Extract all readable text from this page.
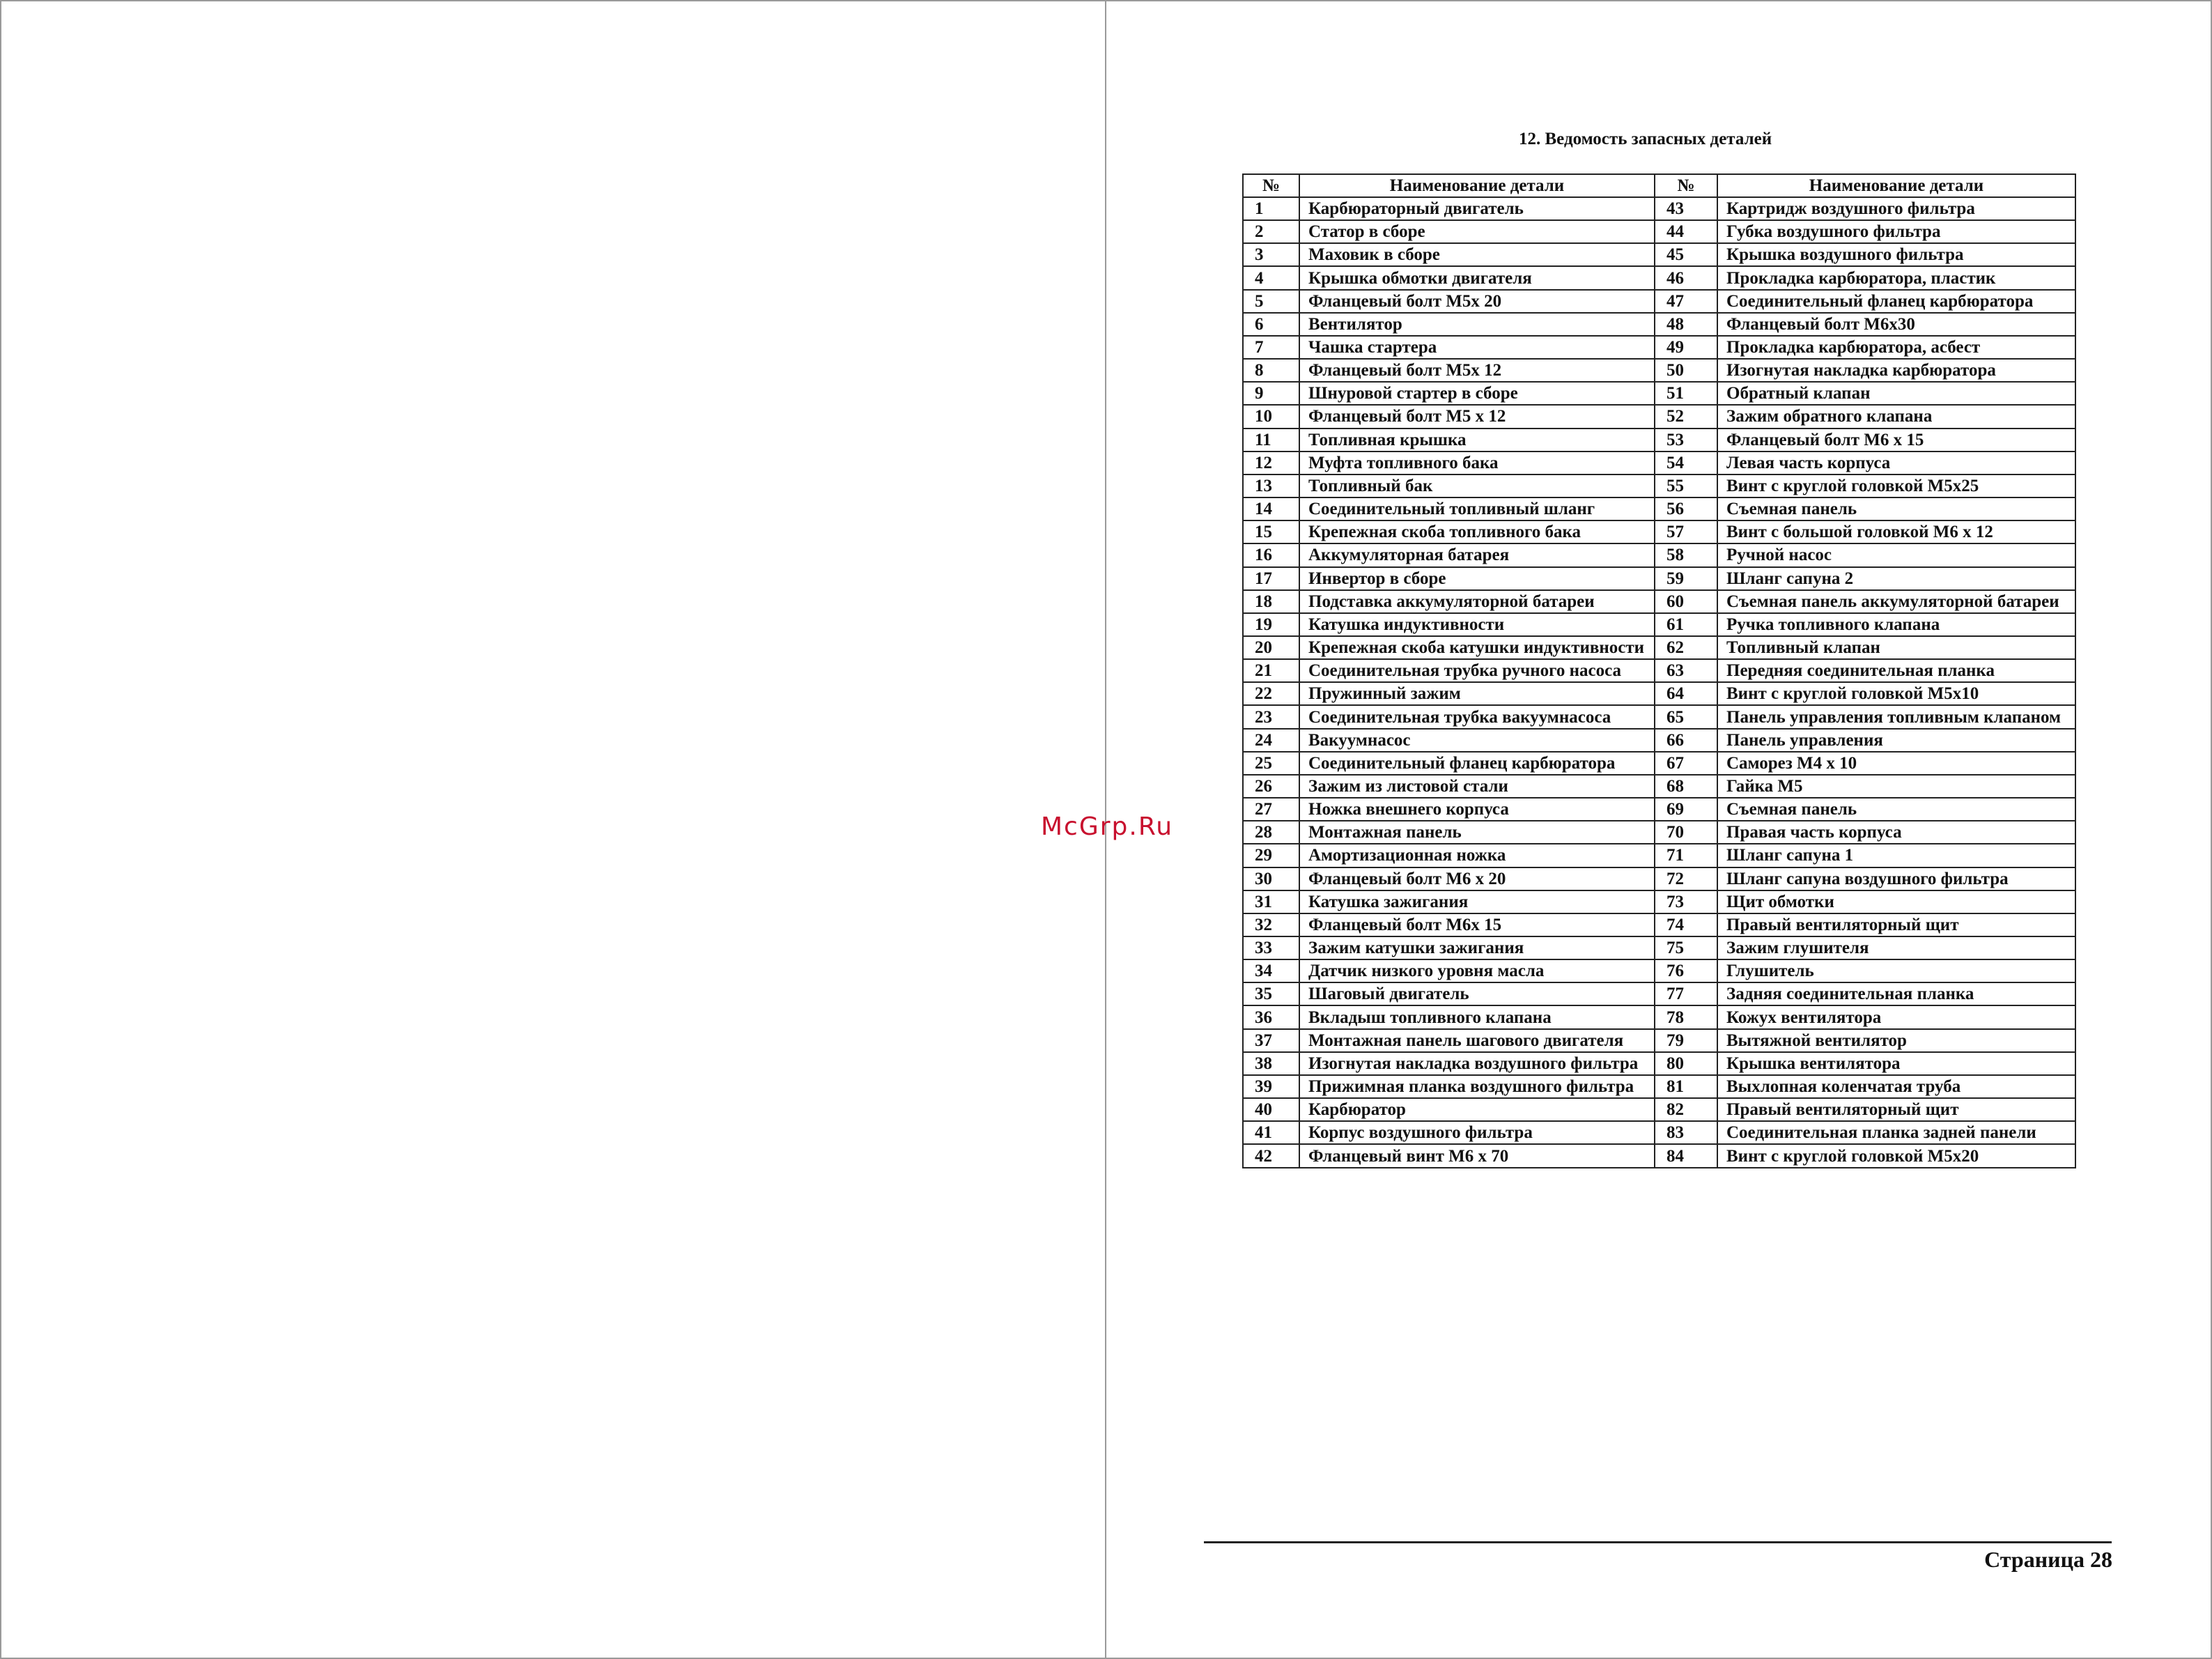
McGrp.Ru
12. Ведомость запасных деталей
№	Наименование детали	№	Наименование детали
1	Карбюраторный двигатель	43	Картридж воздушного фильтра
2	Статор в сборе	44	Губка воздушного фильтра
3	Маховик в сборе	45	Крышка воздушного фильтра
4	Крышка обмотки двигателя	46	Прокладка карбюратора, пластик
5	Фланцевый болт М5х 20	47	Соединительный фланец карбюратора
6	Вентилятор	48	Фланцевый болт М6х30
7	Чашка стартера	49	Прокладка карбюратора, асбест
8	Фланцевый болт М5х 12	50	Изогнутая накладка карбюратора
9	Шнуровой стартер в сборе	51	Обратный клапан
10	Фланцевый болт М5 х 12	52	Зажим обратного клапана
11	Топливная крышка	53	Фланцевый болт М6 х 15
12	Муфта топливного бака	54	Левая часть корпуса
13	Топливный бак	55	Винт с круглой головкой М5х25
14	Соединительный топливный шланг	56	Съемная панель
15	Крепежная скоба топливного бака	57	Винт с большой головкой М6 х 12
16	Аккумуляторная батарея	58	Ручной насос
17	Инвертор в сборе	59	Шланг сапуна 2
18	Подставка аккумуляторной батареи	60	Съемная панель аккумуляторной батареи
19	Катушка индуктивности	61	Ручка топливного клапана
20	Крепежная скоба катушки индуктивности	62	Топливный клапан
21	Соединительная трубка ручного насоса	63	Передняя соединительная планка
22	Пружинный зажим	64	Винт с круглой головкой М5х10
23	Соединительная трубка вакуумнасоса	65	Панель управления топливным клапаном
24	Вакуумнасос	66	Панель управления
25	Соединительный фланец карбюратора	67	Саморез М4 х 10
26	Зажим из листовой стали	68	Гайка М5
27	Ножка внешнего корпуса	69	Съемная панель
28	Монтажная панель	70	Правая часть корпуса
29	Амортизационная ножка	71	Шланг сапуна 1
30	Фланцевый болт М6 х 20	72	Шланг сапуна воздушного фильтра
31	Катушка зажигания	73	Щит обмотки
32	Фланцевый болт М6х 15	74	Правый вентиляторный щит
33	Зажим катушки зажигания	75	Зажим глушителя
34	Датчик низкого уровня масла	76	Глушитель
35	Шаговый двигатель	77	Задняя соединительная планка
36	Вкладыш топливного клапана	78	Кожух вентилятора
37	Монтажная панель шагового двигателя	79	Вытяжной вентилятор
38	Изогнутая накладка воздушного фильтра	80	Крышка вентилятора
39	Прижимная планка воздушного фильтра	81	Выхлопная коленчатая труба
40	Карбюратор	82	Правый вентиляторный щит
41	Корпус воздушного фильтра	83	Соединительная планка задней панели
42	Фланцевый винт М6 х 70	84	Винт с круглой головкой М5х20
Страница 28
